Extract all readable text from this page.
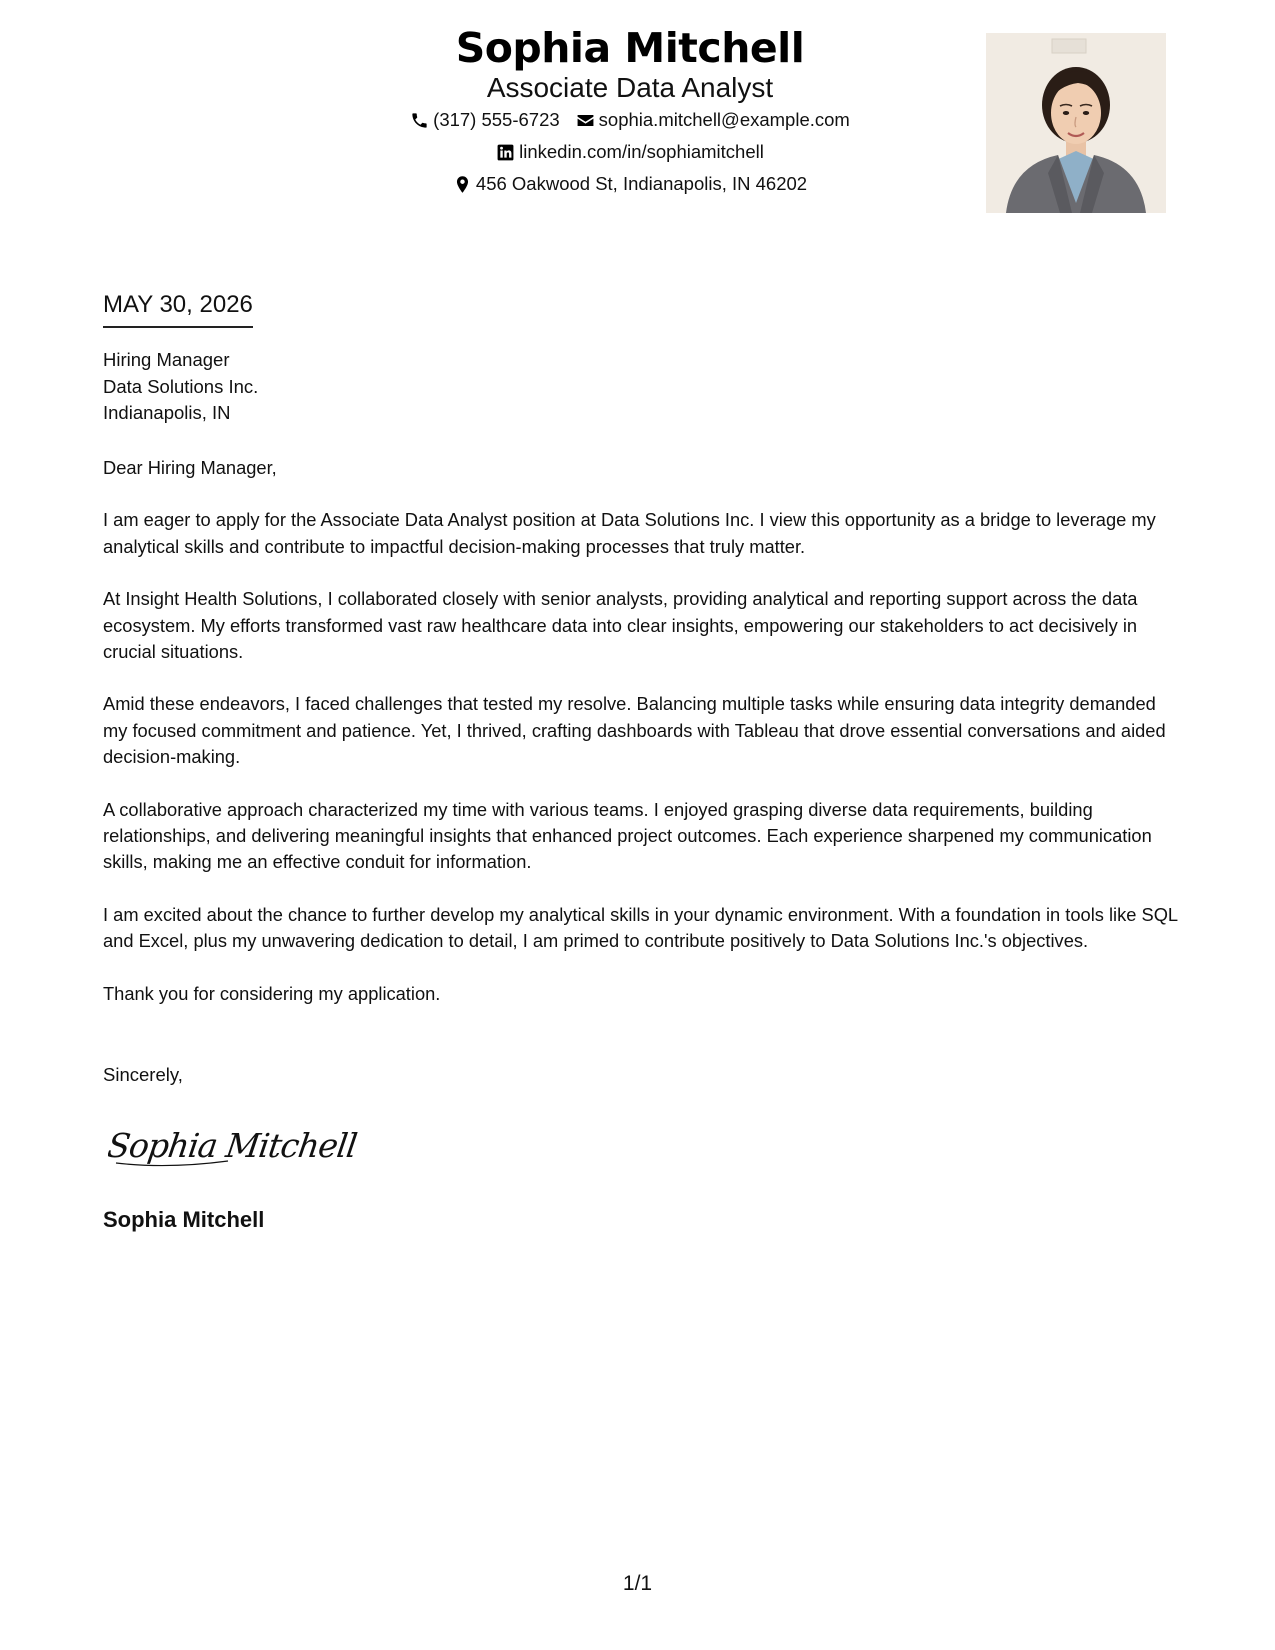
Sophia Mitchell
Associate Data Analyst
(317) 555-6723 sophia.mitchell@example.com
linkedin.com/in/sophiamitchell
456 Oakwood St, Indianapolis, IN 46202
MAY 30, 2026
Hiring Manager
Data Solutions Inc.
Indianapolis, IN

Dear Hiring Manager,

I am eager to apply for the Associate Data Analyst position at Data Solutions Inc. I view this opportunity as a bridge to leverage my analytical skills and contribute to impactful decision-making processes that truly matter.

At Insight Health Solutions, I collaborated closely with senior analysts, providing analytical and reporting support across the data ecosystem. My efforts transformed vast raw healthcare data into clear insights, empowering our stakeholders to act decisively in crucial situations.

Amid these endeavors, I faced challenges that tested my resolve. Balancing multiple tasks while ensuring data integrity demanded my focused commitment and patience. Yet, I thrived, crafting dashboards with Tableau that drove essential conversations and aided decision-making.

A collaborative approach characterized my time with various teams. I enjoyed grasping diverse data requirements, building relationships, and delivering meaningful insights that enhanced project outcomes. Each experience sharpened my communication skills, making me an effective conduit for information.

I am excited about the chance to further develop my analytical skills in your dynamic environment. With a foundation in tools like SQL and Excel, plus my unwavering dedication to detail, I am primed to contribute positively to Data Solutions Inc.'s objectives.

Thank you for considering my application.

Sincerely,
Sophia Mitchell
Sophia Mitchell
1/1
